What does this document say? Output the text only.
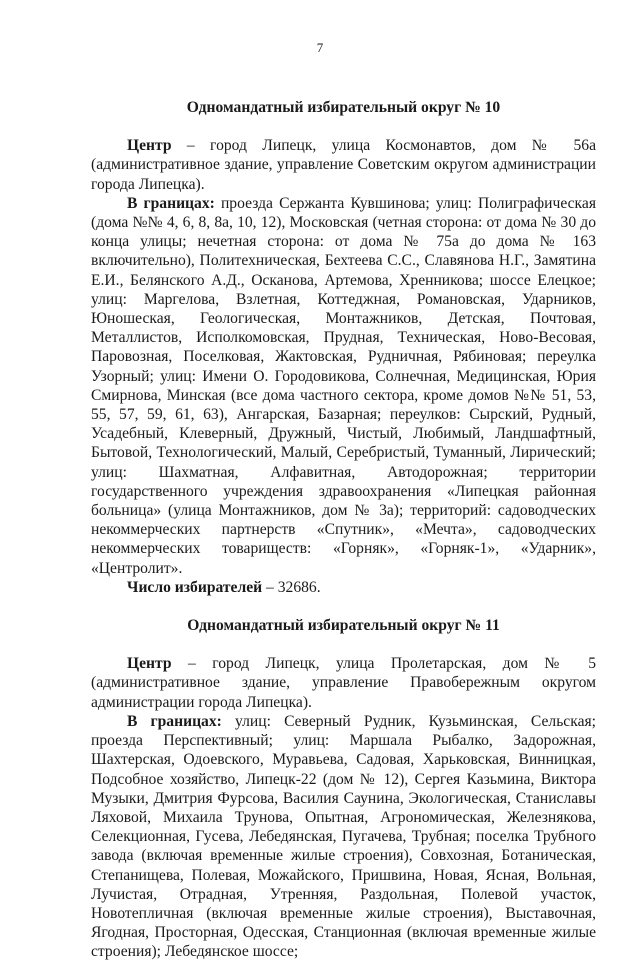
7

Одномандатный избирательный округ № 10

Центр – город Липецк, улица Космонавтов, дом № 56а (административное здание, управление Советским округом администрации города Липецка).

В границах: проезда Сержанта Кувшинова; улиц: Полиграфическая (дома №№ 4, 6, 8, 8а, 10, 12), Московская (четная сторона: от дома № 30 до конца улицы; нечетная сторона: от дома № 75а до дома № 163 включительно), Политехническая, Бехтеева С.С., Славянова Н.Г., Замятина Е.И., Белянского А.Д., Осканова, Артемова, Хренникова; шоссе Елецкое; улиц: Маргелова, Взлетная, Коттеджная, Романовская, Ударников, Юношеская, Геологическая, Монтажников, Детская, Почтовая, Металлистов, Исполкомовская, Прудная, Техническая, Ново-Весовая, Паровозная, Поселковая, Жактовская, Рудничная, Рябиновая; переулка Узорный; улиц: Имени О. Городовикова, Солнечная, Медицинская, Юрия Смирнова, Минская (все дома частного сектора, кроме домов №№ 51, 53, 55, 57, 59, 61, 63), Ангарская, Базарная; переулков: Сырский, Рудный, Усадебный, Клеверный, Дружный, Чистый, Любимый, Ландшафтный, Бытовой, Технологический, Малый, Серебристый, Туманный, Лирический; улиц: Шахматная, Алфавитная, Автодорожная; территории государственного учреждения здравоохранения «Липецкая районная больница» (улица Монтажников, дом № 3а); территорий: садоводческих некоммерческих партнерств «Спутник», «Мечта», садоводческих некоммерческих товариществ: «Горняк», «Горняк-1», «Ударник», «Центролит».

Число избирателей – 32686.

Одномандатный избирательный округ № 11

Центр – город Липецк, улица Пролетарская, дом № 5 (административное здание, управление Правобережным округом администрации города Липецка).

В границах: улиц: Северный Рудник, Кузьминская, Сельская; проезда Перспективный; улиц: Маршала Рыбалко, Задорожная, Шахтерская, Одоевского, Муравьева, Садовая, Харьковская, Винницкая, Подсобное хозяйство, Липецк-22 (дом № 12), Сергея Казьмина, Виктора Музыки, Дмитрия Фурсова, Василия Саунина, Экологическая, Станиславы Ляховой, Михаила Трунова, Опытная, Агрономическая, Железнякова, Селекционная, Гусева, Лебедянская, Пугачева, Трубная; поселка Трубного завода (включая временные жилые строения), Совхозная, Ботаническая, Степанищева, Полевая, Можайского, Пришвина, Новая, Ясная, Вольная, Лучистая, Отрадная, Утренняя, Раздольная, Полевой участок, Новотепличная (включая временные жилые строения), Выставочная, Ягодная, Просторная, Одесская, Станционная (включая временные жилые строения); Лебедянское шоссе;
